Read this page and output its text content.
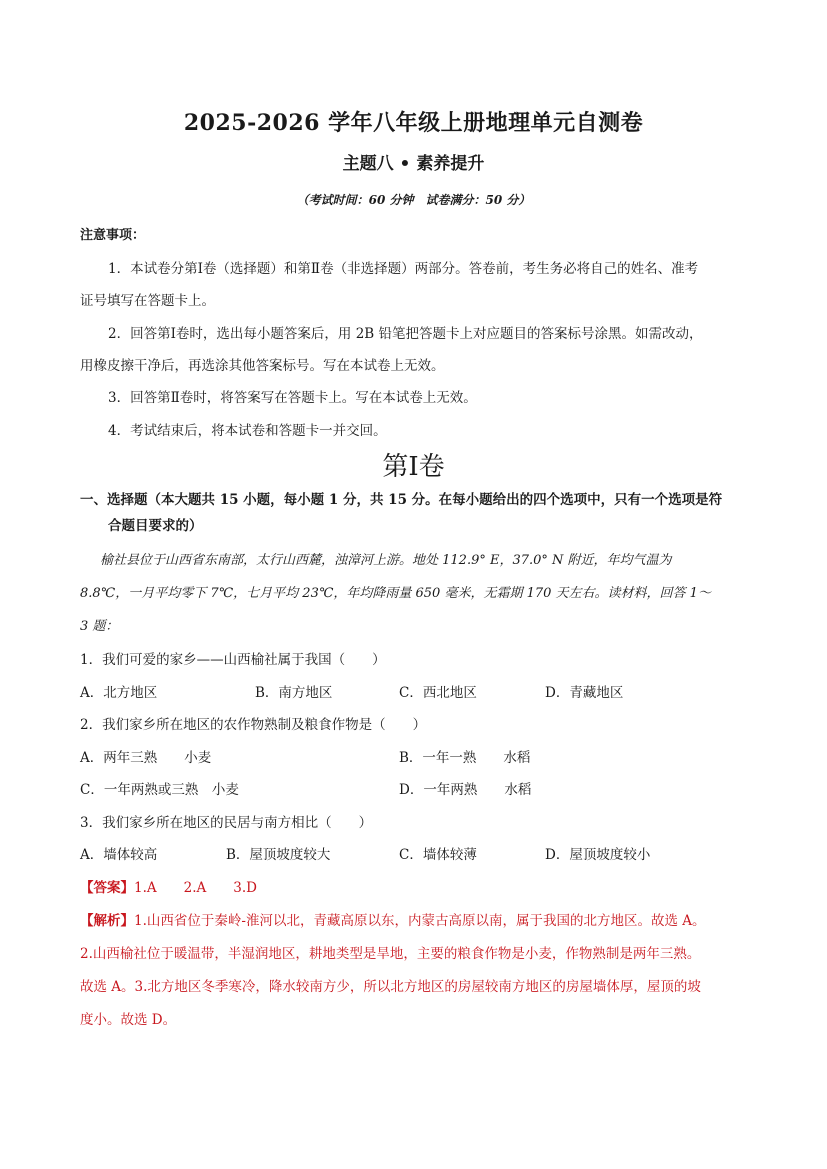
2025-2026 学年八年级上册地理单元自测卷
主题八 • 素养提升
（考试时间：60 分钟　试卷满分：50 分）
注意事项：
1．本试卷分第Ⅰ卷（选择题）和第Ⅱ卷（非选择题）两部分。答卷前，考生务必将自己的姓名、准考
证号填写在答题卡上。
2．回答第Ⅰ卷时，选出每小题答案后，用 2B 铅笔把答题卡上对应题目的答案标号涂黑。如需改动，
用橡皮擦干净后，再选涂其他答案标号。写在本试卷上无效。
3．回答第Ⅱ卷时，将答案写在答题卡上。写在本试卷上无效。
4．考试结束后，将本试卷和答题卡一并交回。
第Ⅰ卷
一、选择题（本大题共 15 小题，每小题 1 分，共 15 分。在每小题给出的四个选项中，只有一个选项是符
合题目要求的）
榆社县位于山西省东南部，太行山西麓，浊漳河上游。地处 112.9° E，37.0° N 附近，年均气温为
8.8℃，一月平均零下 7℃，七月平均 23℃，年均降雨量 650 毫米，无霜期 170 天左右。读材料，回答 1～
3 题：
1．我们可爱的家乡——山西榆社属于我国（　　）
A．北方地区	B．南方地区	C．西北地区	D．青藏地区
2．我们家乡所在地区的农作物熟制及粮食作物是（　　）
A．两年三熟　　小麦	B．一年一熟　　水稻
C．一年两熟或三熟　小麦	D．一年两熟　　水稻
3．我们家乡所在地区的民居与南方相比（　　）
A．墙体较高	B．屋顶坡度较大	C．墙体较薄	D．屋顶坡度较小
【答案】1.A　　2.A　　3.D
【解析】1.山西省位于秦岭-淮河以北，青藏高原以东，内蒙古高原以南，属于我国的北方地区。故选 A。
2.山西榆社位于暖温带，半湿润地区，耕地类型是旱地，主要的粮食作物是小麦，作物熟制是两年三熟。
故选 A。3.北方地区冬季寒冷，降水较南方少，所以北方地区的房屋较南方地区的房屋墙体厚，屋顶的坡
度小。故选 D。
